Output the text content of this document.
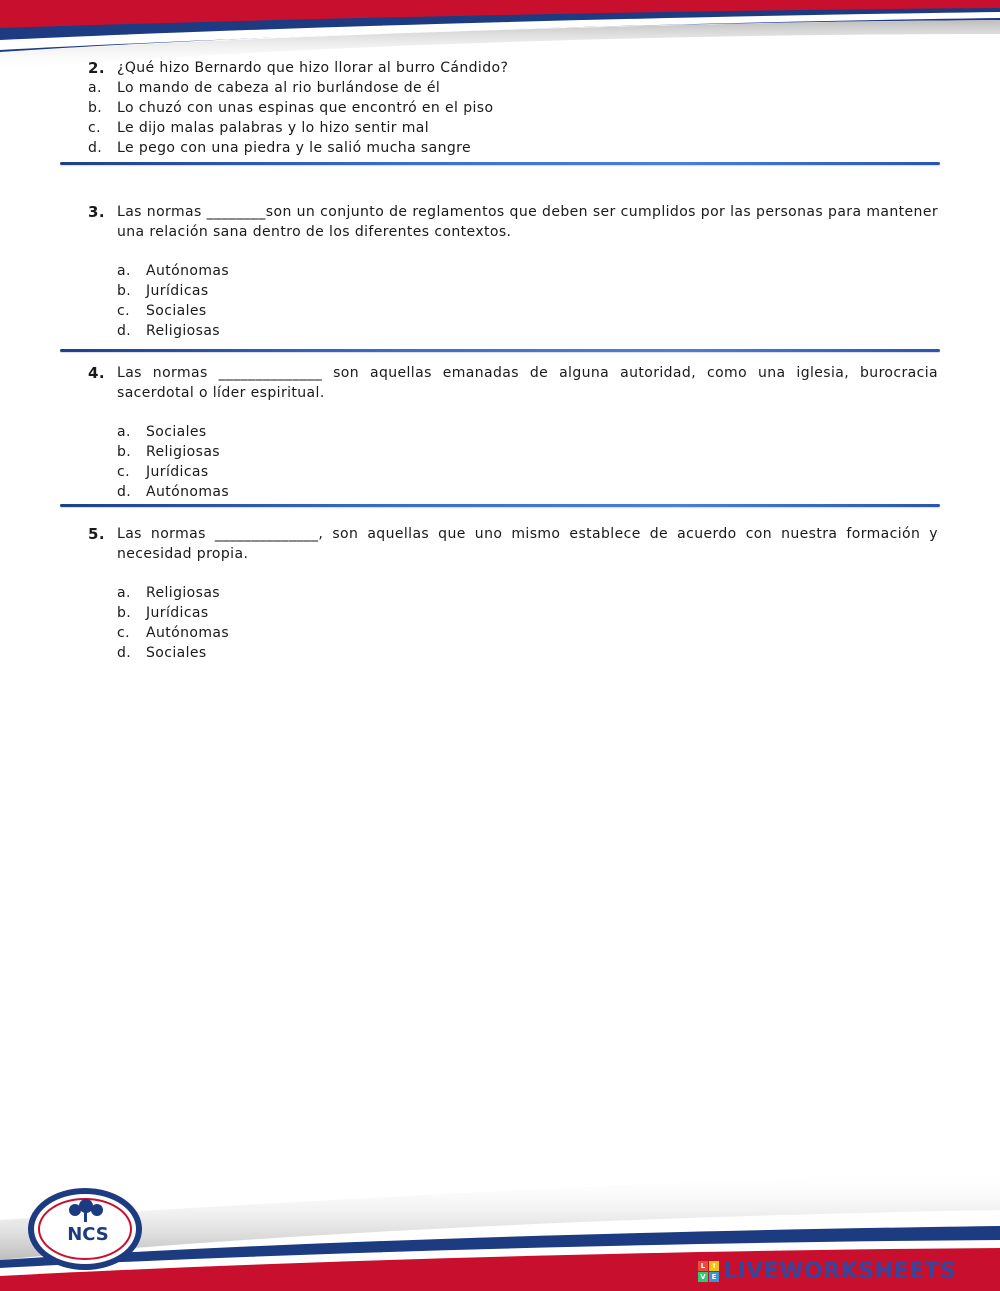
2. ¿Qué hizo Bernardo que hizo llorar al burro Cándido?
a.	Lo mando de cabeza al rio burlándose de él
b.	Lo chuzó con unas espinas que encontró en el piso
c.	Le dijo malas palabras y lo hizo sentir mal
d.	Le pego con una piedra y le salió mucha sangre
3. Las normas ________son un conjunto de reglamentos que deben ser cumplidos por las personas para mantener una relación sana dentro de los diferentes contextos.
a.	Autónomas
b.	Jurídicas
c.	Sociales
d.	Religiosas
4. Las normas ______________ son aquellas emanadas de alguna autoridad, como una iglesia, burocracia sacerdotal o líder espiritual.
a.	Sociales
b.	Religiosas
c.	Jurídicas
d.	Autónomas
5. Las normas ______________, son aquellas que uno mismo establece de acuerdo con nuestra formación y necesidad propia.
a.	Religiosas
b.	Jurídicas
c.	Autónomas
d.	Sociales
NCS
L	I
V E LIVEWORKSHEETS
